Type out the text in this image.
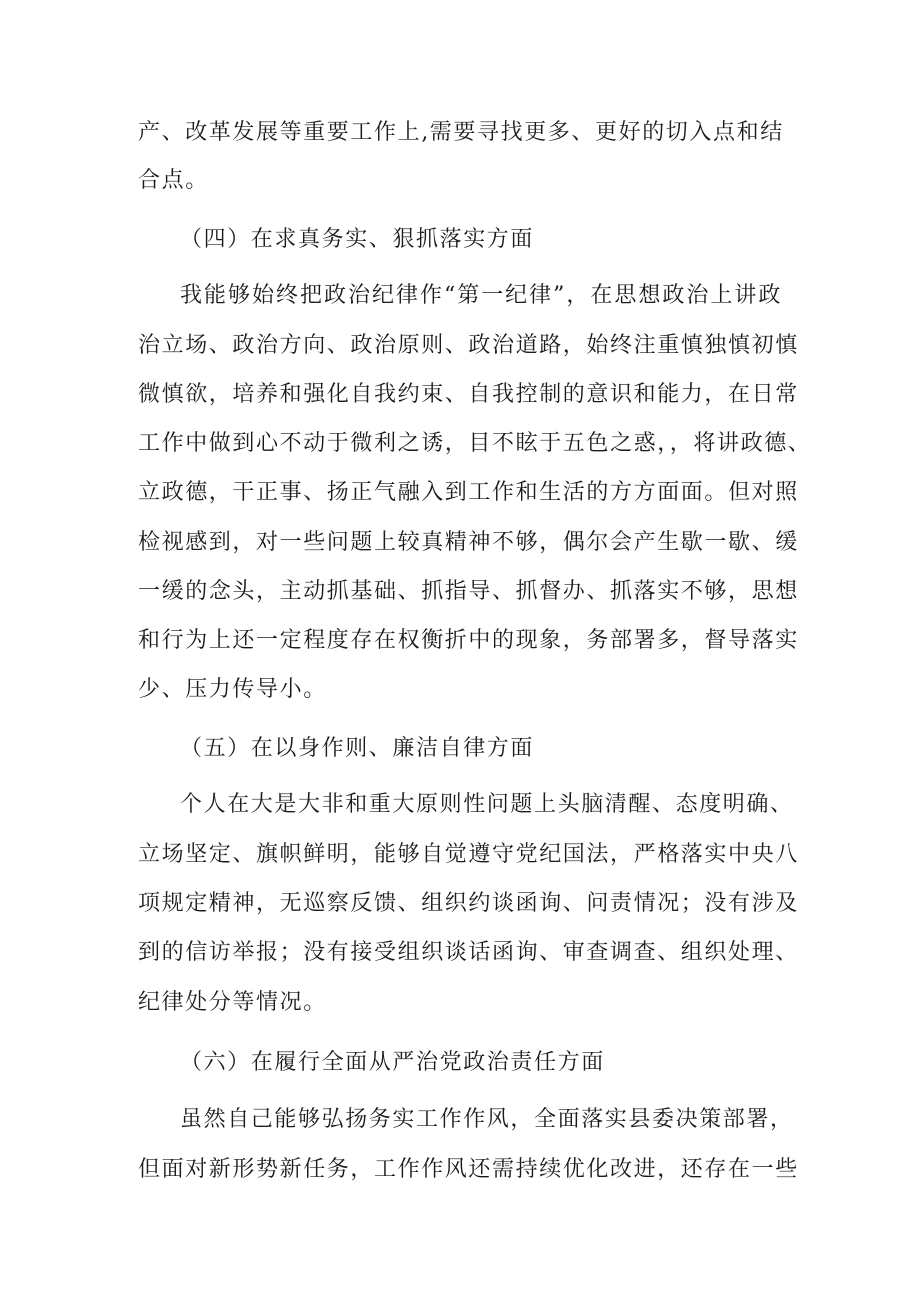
产、改革发展等重要工作上,需要寻找更多、更好的切入点和结
合点。
（四）在求真务实、狠抓落实方面
我能够始终把政治纪律作“第一纪律”，在思想政治上讲政
治立场、政治方向、政治原则、政治道路，始终注重慎独慎初慎
微慎欲，培养和强化自我约束、自我控制的意识和能力，在日常
工作中做到心不动于微利之诱，目不眩于五色之惑，，将讲政德、
立政德，干正事、扬正气融入到工作和生活的方方面面。但对照
检视感到，对一些问题上较真精神不够，偶尔会产生歇一歇、缓
一缓的念头，主动抓基础、抓指导、抓督办、抓落实不够，思想
和行为上还一定程度存在权衡折中的现象，务部署多，督导落实
少、压力传导小。
（五）在以身作则、廉洁自律方面
个人在大是大非和重大原则性问题上头脑清醒、态度明确、
立场坚定、旗帜鲜明，能够自觉遵守党纪国法，严格落实中央八
项规定精神，无巡察反馈、组织约谈函询、问责情况；没有涉及
到的信访举报；没有接受组织谈话函询、审查调查、组织处理、
纪律处分等情况。
（六）在履行全面从严治党政治责任方面
虽然自己能够弘扬务实工作作风，全面落实县委决策部署，
但面对新形势新任务，工作作风还需持续优化改进，还存在一些
